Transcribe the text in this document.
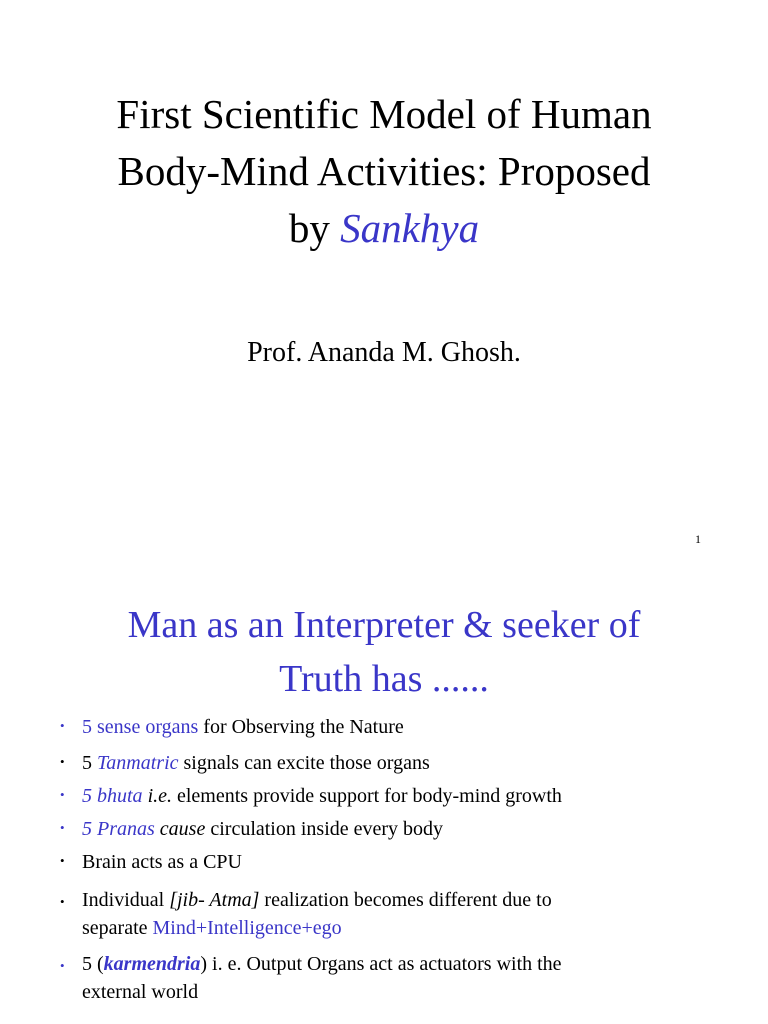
First Scientific Model of Human
Body-Mind Activities: Proposed
by Sankhya
Prof. Ananda M. Ghosh.
1
Man as an Interpreter & seeker of
Truth has ......
• 5 sense organs for Observing the Nature
• 5 Tanmatric signals can excite those organs
• 5 bhuta i.e. elements provide support for body-mind growth
• 5 Pranas cause circulation inside every body
• Brain acts as a CPU
• Individual [jib- Atma] realization becomes different due to
separate Mind+Intelligence+ego
• 5 (karmendria) i. e. Output Organs act as actuators with the
external world
